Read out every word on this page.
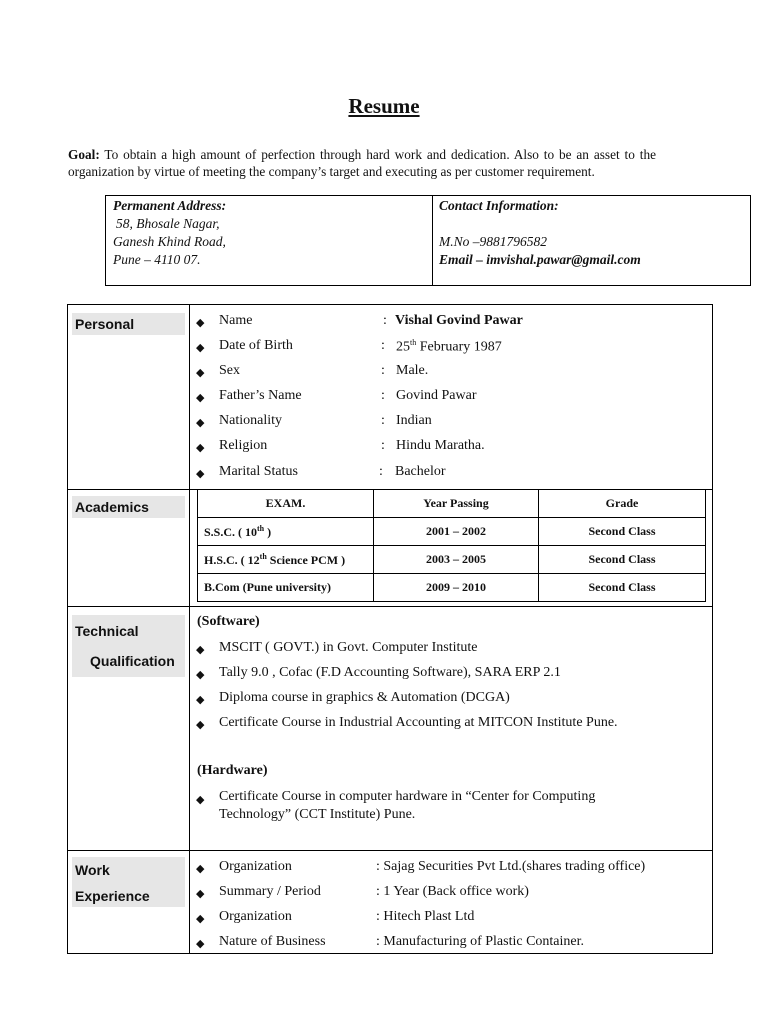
Resume
Goal: To obtain a high amount of perfection through hard work and dedication. Also to be an asset to the organization by virtue of meeting the company’s target and executing as per customer requirement.
Permanent Address:
58, Bhosale Nagar,
Ganesh Khind Road,
Pune – 4110 07.
Contact Information:
M.No –9881796582
Email – imvishal.pawar@gmail.com
Personal	◆ Name	: Vishal Govind Pawar
◆ Date of Birth	: 25th February 1987
◆ Sex	: Male.
◆ Father’s Name	: Govind Pawar
◆ Nationality	: Indian
◆ Religion	: Hindu Maratha.
◆ Marital Status	: Bachelor
Academics	EXAM.	Year Passing	Grade
S.S.C. ( 10th )	2001 – 2002	Second Class
H.S.C. ( 12th Science PCM )	2003 – 2005	Second Class
B.Com (Pune university)	2009 – 2010	Second Class
Technical
Qualification
(Software)
◆ MSCIT ( GOVT.) in Govt. Computer Institute
◆ Tally 9.0 , Cofac (F.D Accounting Software), SARA ERP 2.1
◆ Diploma course in graphics & Automation (DCGA)
◆ Certificate Course in Industrial Accounting at MITCON Institute Pune.
(Hardware)
◆ Certificate Course in computer hardware in “Center for Computing
Technology” (CCT Institute) Pune.
Work
Experience
◆ Organization	: Sajag Securities Pvt Ltd.(shares trading office)
◆ Summary / Period	: 1 Year (Back office work)
◆ Organization	: Hitech Plast Ltd
◆ Nature of Business	: Manufacturing of Plastic Container.
